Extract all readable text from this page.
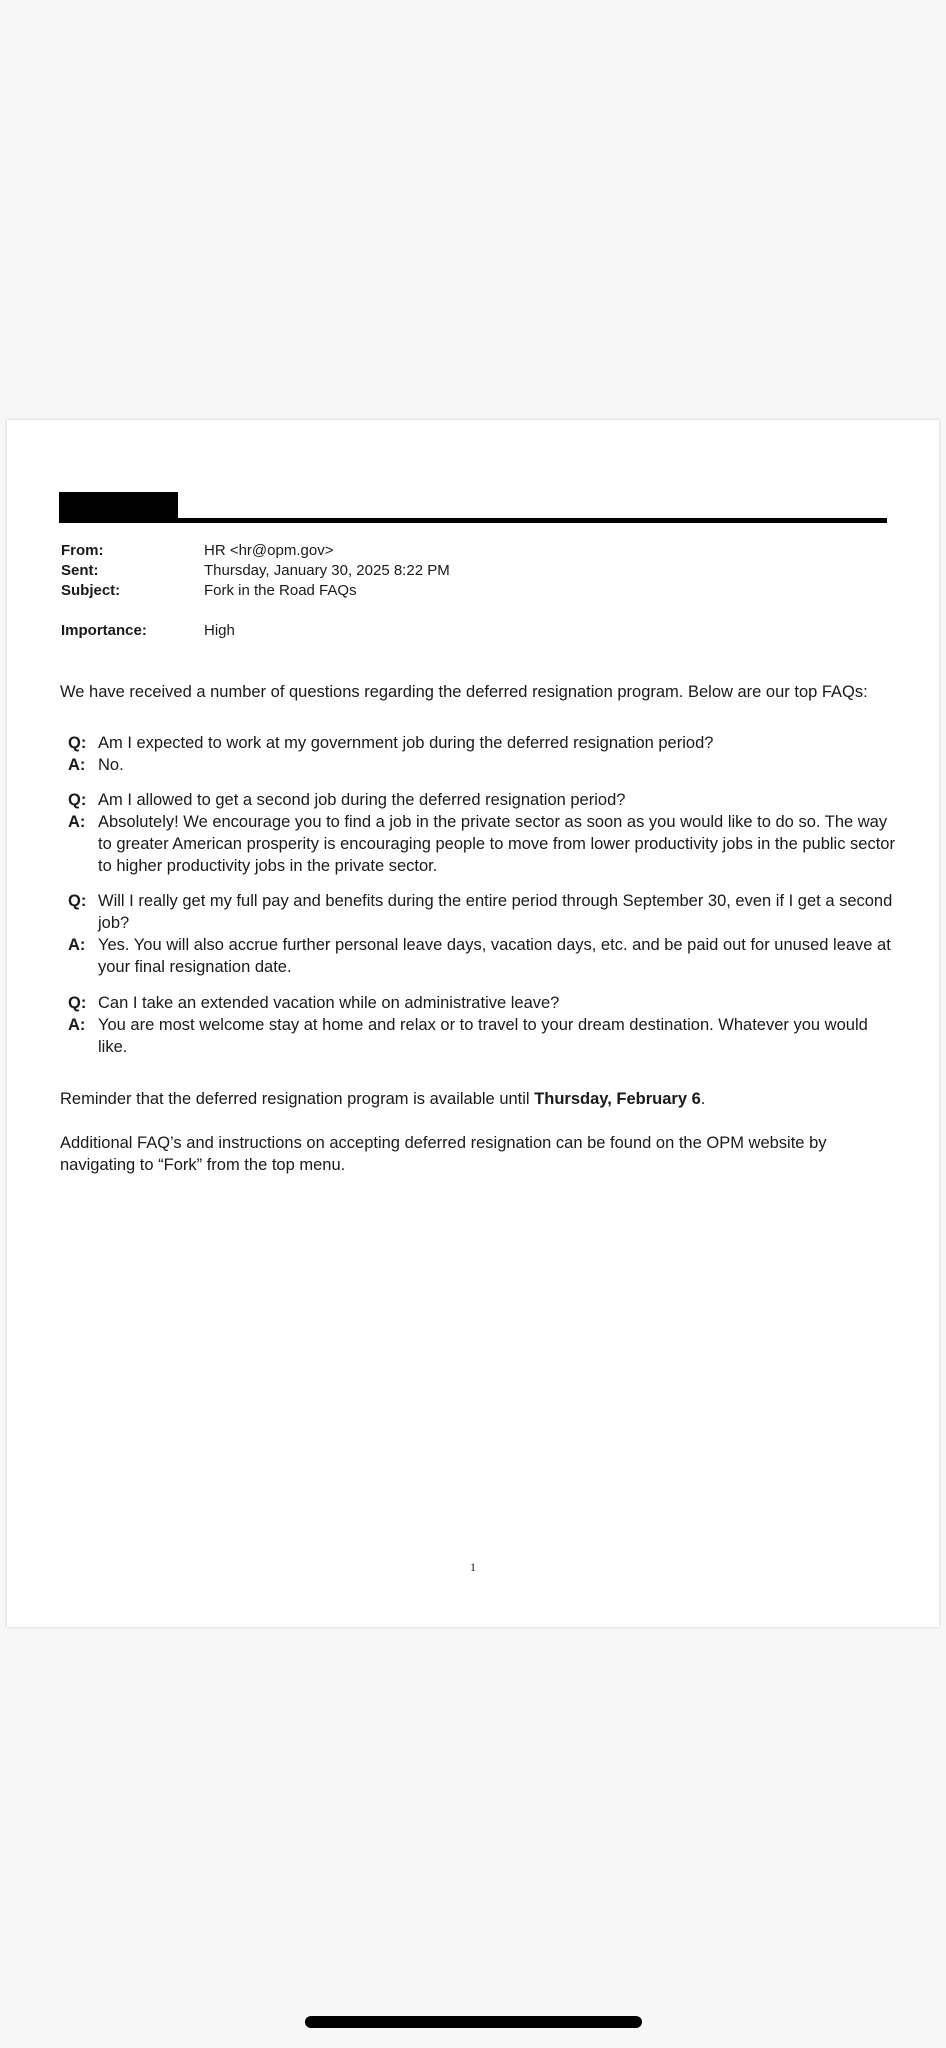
From:	HR <hr@opm.gov>
Sent:	Thursday, January 30, 2025 8:22 PM
Subject:	Fork in the Road FAQs
Importance:	High
We have received a number of questions regarding the deferred resignation program. Below are our top FAQs:
Q: Am I expected to work at my government job during the deferred resignation period?
A: No.
Q: Am I allowed to get a second job during the deferred resignation period?
A: Absolutely! We encourage you to find a job in the private sector as soon as you would like to do so. The way to greater American prosperity is encouraging people to move from lower productivity jobs in the public sector to higher productivity jobs in the private sector.
Q: Will I really get my full pay and benefits during the entire period through September 30, even if I get a second job?
A: Yes. You will also accrue further personal leave days, vacation days, etc. and be paid out for unused leave at your final resignation date.
Q: Can I take an extended vacation while on administrative leave?
A: You are most welcome stay at home and relax or to travel to your dream destination. Whatever you would like.
Reminder that the deferred resignation program is available until Thursday, February 6.
Additional FAQ’s and instructions on accepting deferred resignation can be found on the OPM website by navigating to “Fork” from the top menu.
1
